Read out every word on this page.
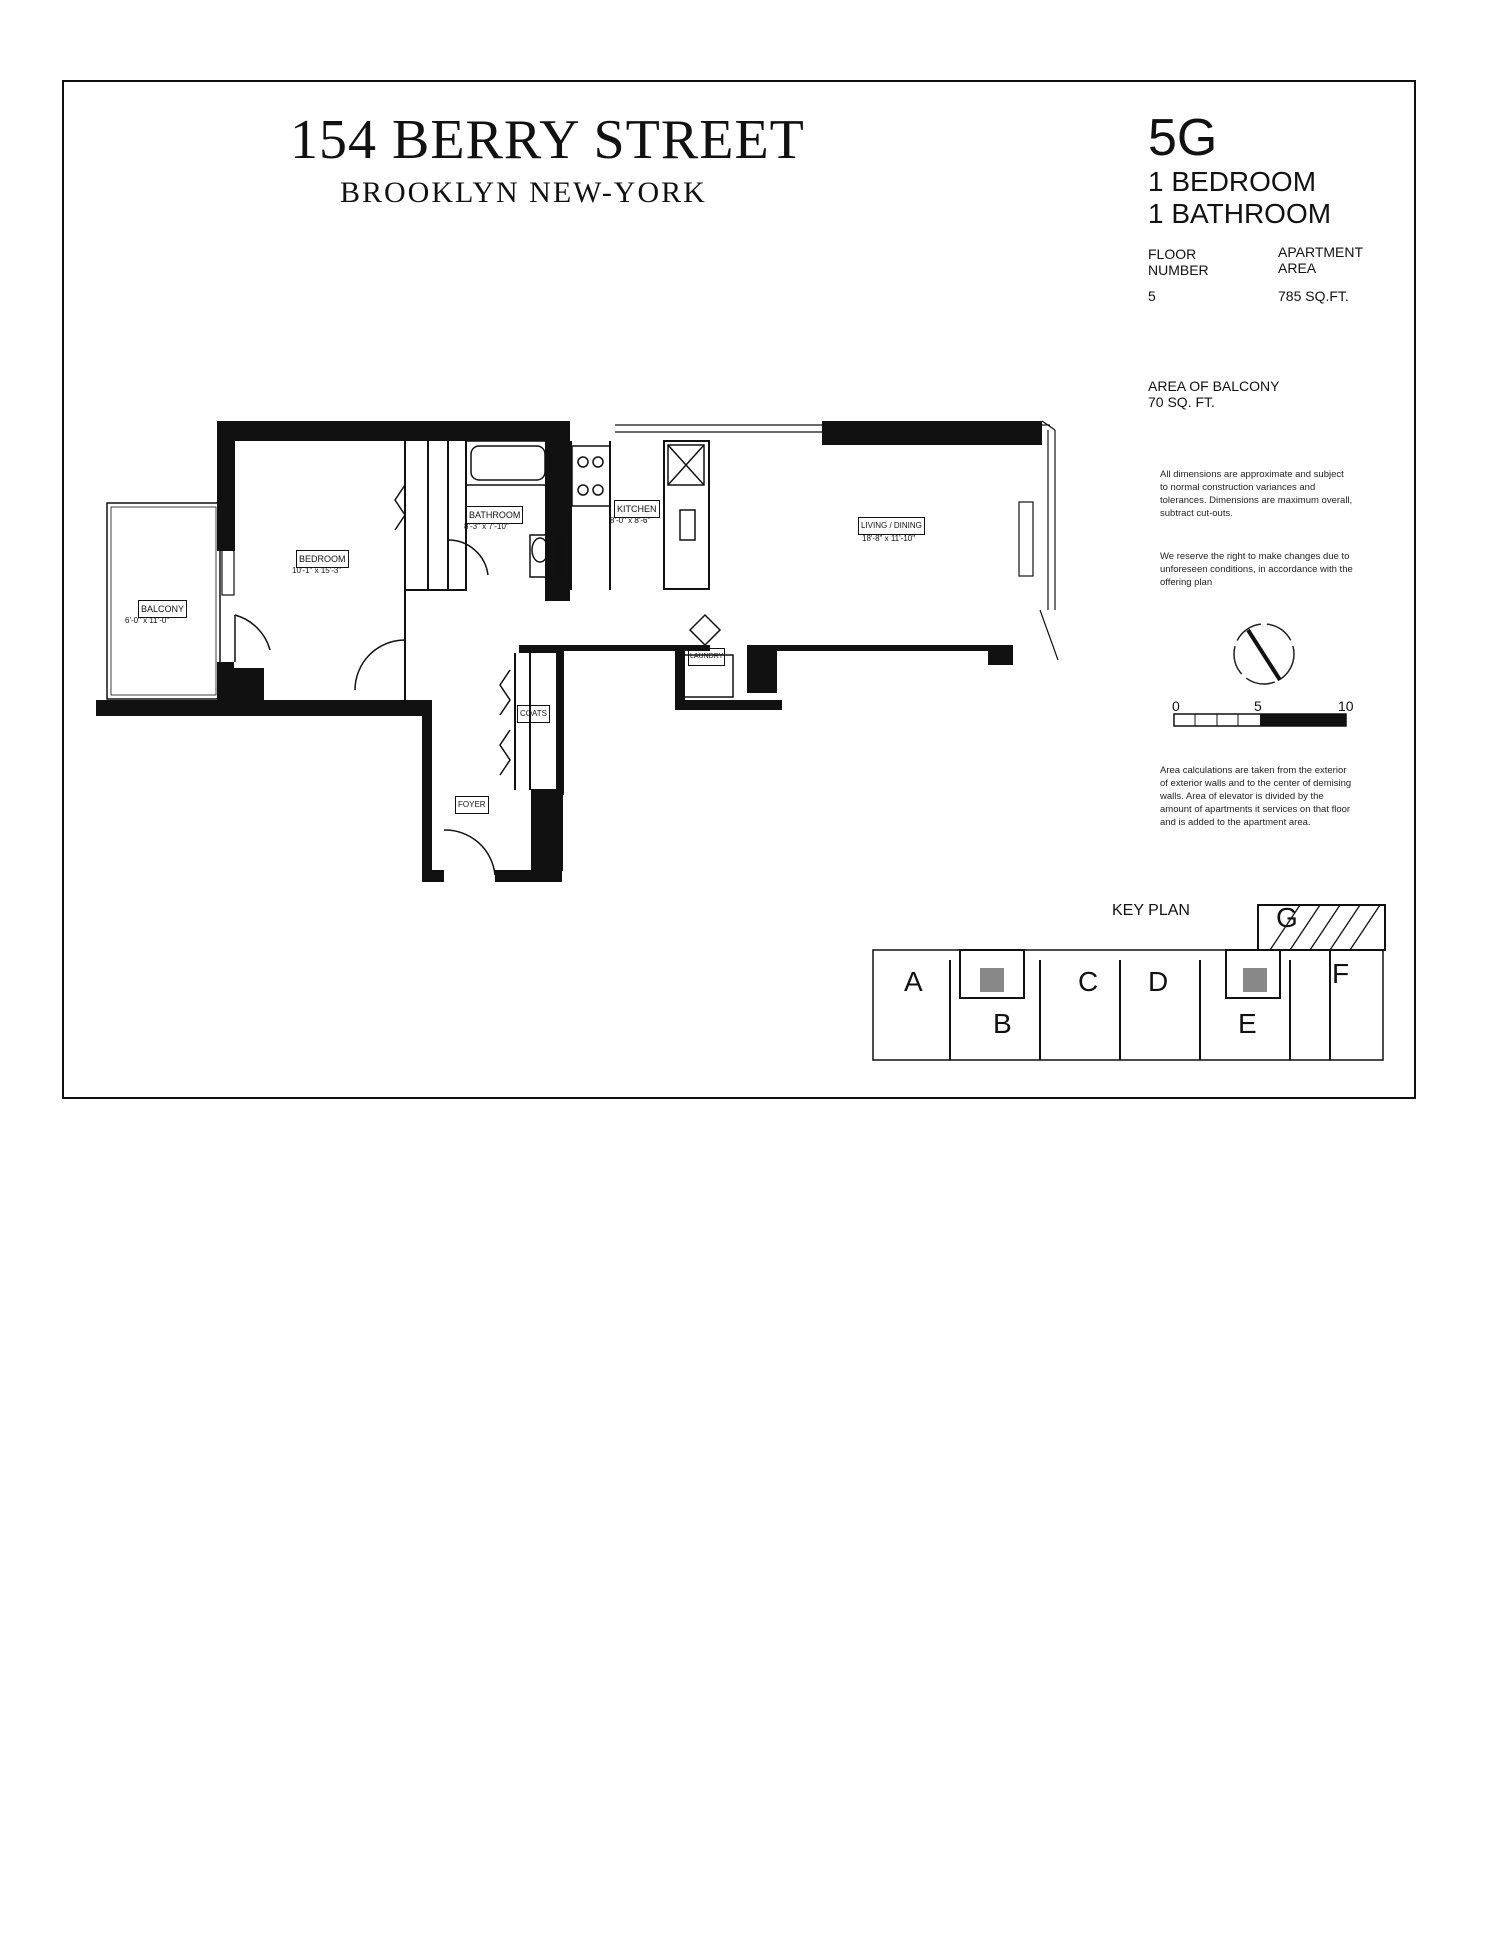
154 BERRY STREET
BROOKLYN NEW-YORK
5G
1 BEDROOM
1 BATHROOM
FLOOR
NUMBER
5
APARTMENT
AREA
785 SQ.FT.
AREA OF BALCONY
70 SQ. FT.
All dimensions are approximate and subject to normal construction variances and tolerances. Dimensions are maximum overall, subtract cut-outs.
We reserve the right to make changes due to unforeseen conditions, in accordance with the offering plan
Area calculations are taken from the exterior of exterior walls and to the center of demising walls. Area of elevator is divided by the amount of apartments it services on that floor and is added to the apartment area.
0	5	10
KEY PLAN
BALCONY
6'-0" x 11'-0"
BEDROOM
10'-1" x 15'-3"
BATHROOM
8'-3" x 7'-10"
KITCHEN
8'-0" x 8'-6"
LIVING / DINING
18'-8" x 11'-10"
LAUNDRY
COATS
FOYER
A
B
C D
E
F
G
